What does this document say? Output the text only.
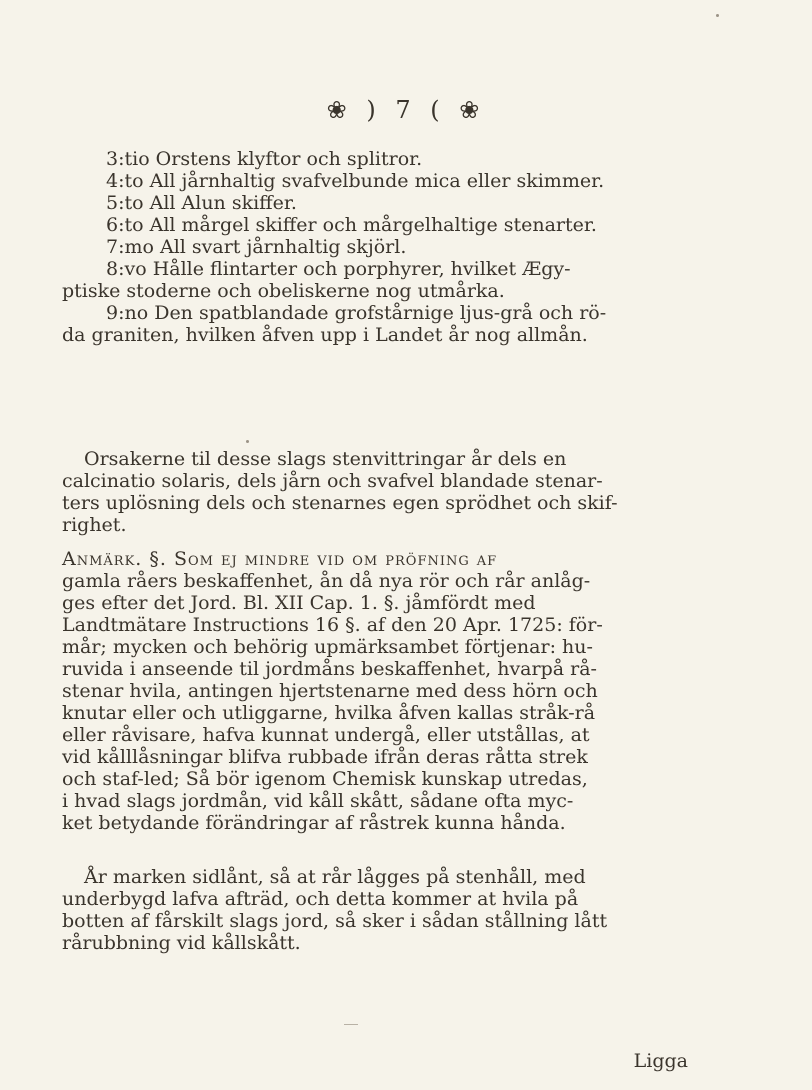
❀ ) 7 ( ❀
3:tio Orstens klyftor och splitror.
4:to All jårnhaltig svafvelbunde mica eller skimmer.
5:to All Alun skiffer.
6:to All mårgel skiffer och mårgelhaltige stenarter.
7:mo All svart jårnhaltig skjörl.
8:vo Hålle flintarter och porphyrer, hvilket Ægy-
ptiske stoderne och obeliskerne nog utmårka.
9:no Den spatblandade grofstårnige ljus-grå och rö-
da graniten, hvilken åfven upp i Landet år nog allmån.
Orsakerne til desse slags stenvittringar år dels en
calcinatio solaris, dels jårn och svafvel blandade stenar-
ters uplösning dels och stenarnes egen sprödhet och skif-
righet.
Anmärk. §. Som ej mindre vid om pröfning af
gamla råers beskaffenhet, ån då nya rör och rår anlåg-
ges efter det Jord. Bl. XII Cap. 1. §. jåmfördt med
Landtmätare Instructions 16 §. af den 20 Apr. 1725: för-
mår; mycken och behörig upmärksambet förtjenar: hu-
ruvida i anseende til jordmåns beskaffenhet, hvarpå rå-
stenar hvila, antingen hjertstenarne med dess hörn och
knutar eller och utliggarne, hvilka åfven kallas stråk-rå
eller råvisare, hafva kunnat undergå, eller utstållas, at
vid kålllåsningar blifva rubbade ifrån deras råtta strek
och staf-led; Så bör igenom Chemisk kunskap utredas,
i hvad slags jordmån, vid kåll skått, sådane ofta myc-
ket betydande förändringar af råstrek kunna hånda.
År marken sidlånt, så at rår lågges på stenhåll, med
underbygd lafva afträd, och detta kommer at hvila på
botten af fårskilt slags jord, så sker i sådan stållning lått
rårubbning vid kållskått.
Ligga
